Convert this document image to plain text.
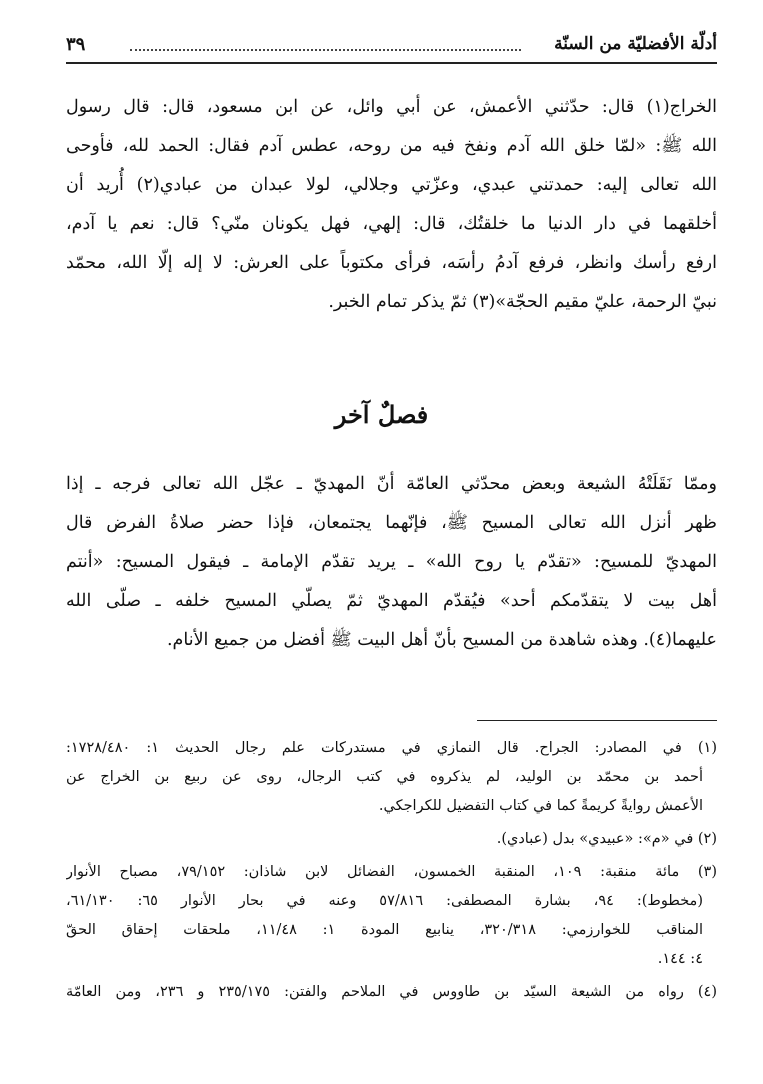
أدلّة الأفضليّة من السنّة
٣٩
الخراج(١) قال: حدّثني الأعمش، عن أبي وائل، عن ابن مسعود، قال: قال رسول
الله ﷺ: «لمّا خلق الله آدم ونفخ فيه من روحه، عطس آدم فقال: الحمد لله، فأوحى
الله تعالى إليه: حمدتني عبدي، وعزّتي وجلالي، لولا عبدان من عبادي(٢) أُريد أن
أخلقهما في دار الدنيا ما خلقتُك، قال: إلهي، فهل يكونان منّي؟ قال: نعم يا آدم،
ارفع رأسك وانظر، فرفع آدمُ رأسَه، فرأى مكتوباً على العرش: لا إله إلّا الله، محمّد
نبيّ الرحمة، عليّ مقيم الحجّة»(٣) ثمّ يذكر تمام الخبر.
فصلٌ آخر
وممّا نَقَلَتْهُ الشيعة وبعض محدّثي العامّة أنّ المهديّ ـ عجّل الله تعالى فرجه ـ إذا
ظهر أنزل الله تعالى المسيح ﷺ، فإنّهما يجتمعان، فإذا حضر صلاةُ الفرض قال
المهديّ للمسيح: «تقدّم يا روح الله» ـ يريد تقدّم الإمامة ـ فيقول المسيح: «أنتم
أهل بيت لا يتقدّمكم أحد» فيُقدّم المهديّ ثمّ يصلّي المسيح خلفه ـ صلّى الله
عليهما(٤). وهذه شاهدة من المسيح بأنّ أهل البيت ﷺ أفضل من جميع الأنام.
(١) في المصادر: الجراح. قال النمازي في مستدركات علم رجال الحديث ١: ١٧٢٨/٤٨٠:
أحمد بن محمّد بن الوليد، لم يذكروه في كتب الرجال، روى عن ربيع بن الخراج عن
الأعمش روايةً كريمةً كما في كتاب التفضيل للكراجكي.
(٢) في «م»: «عبيدي» بدل (عبادي).
(٣) مائة منقبة: ١٠٩، المنقبة الخمسون، الفضائل لابن شاذان: ٧٩/١٥٢، مصباح الأنوار
(مخطوط): ٩٤، بشارة المصطفى: ٥٧/٨١٦ وعنه في بحار الأنوار ٦٥: ٦١/١٣٠،
المناقب للخوارزمي: ٣٢٠/٣١٨، ينابيع المودة ١: ١١/٤٨، ملحقات إحقاق الحقّ
٤: ١٤٤.
(٤) رواه من الشيعة السيّد بن طاووس في الملاحم والفتن: ٢٣٥/١٧٥ و ٢٣٦، ومن العامّة
